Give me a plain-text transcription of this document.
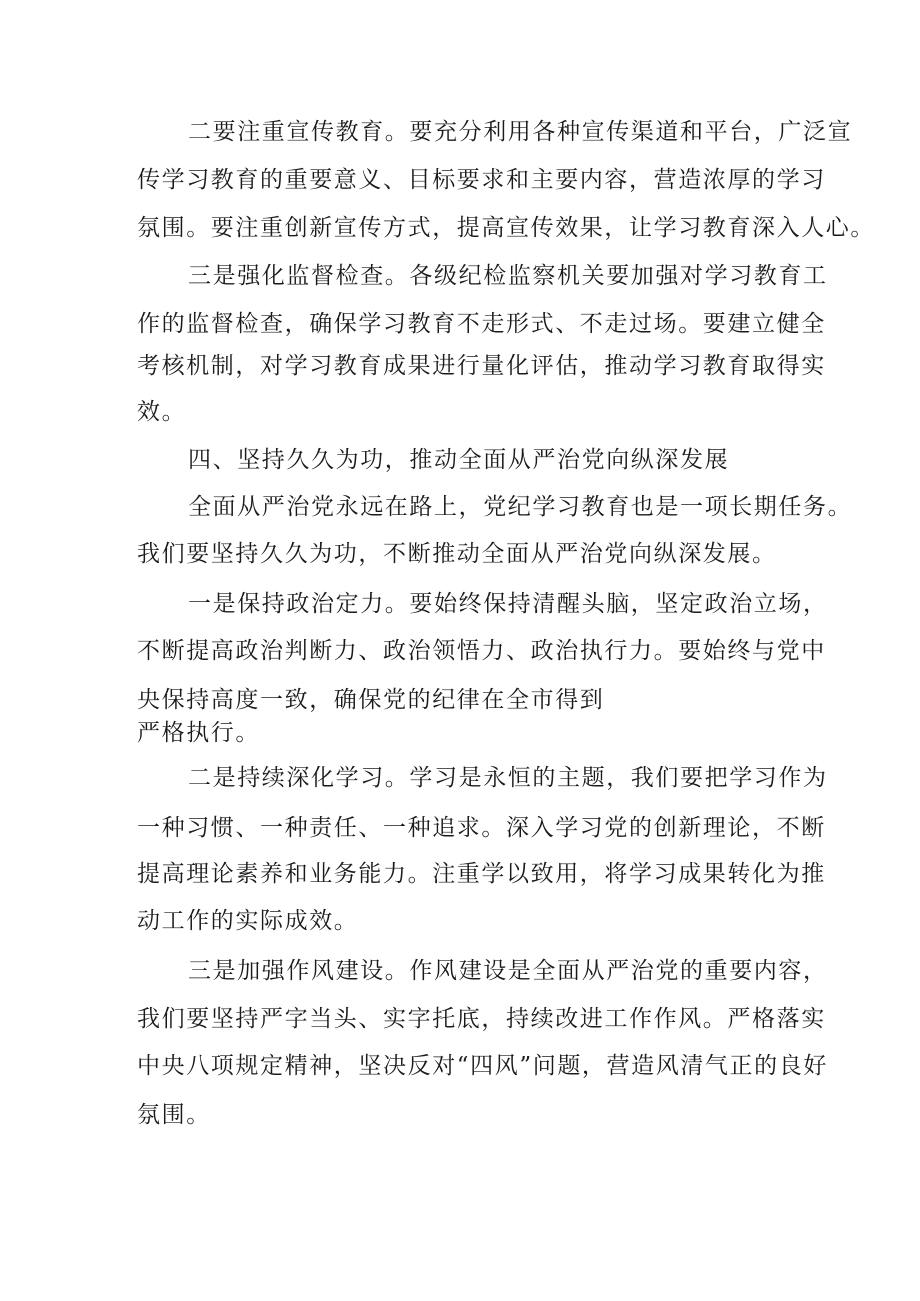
二要注重宣传教育。要充分利用各种宣传渠道和平台，广泛宣

传学习教育的重要意义、目标要求和主要内容，营造浓厚的学习

氛围。要注重创新宣传方式，提高宣传效果，让学习教育深入人心。

三是强化监督检查。各级纪检监察机关要加强对学习教育工

作的监督检查，确保学习教育不走形式、不走过场。要建立健全

考核机制，对学习教育成果进行量化评估，推动学习教育取得实

效。

四、坚持久久为功，推动全面从严治党向纵深发展

全面从严治党永远在路上，党纪学习教育也是一项长期任务。

我们要坚持久久为功，不断推动全面从严治党向纵深发展。

一是保持政治定力。要始终保持清醒头脑，坚定政治立场，

不断提高政治判断力、政治领悟力、政治执行力。要始终与党中

央保持高度一致，确保党的纪律在全市得到

严格执行。

二是持续深化学习。学习是永恒的主题，我们要把学习作为

一种习惯、一种责任、一种追求。深入学习党的创新理论，不断

提高理论素养和业务能力。注重学以致用，将学习成果转化为推

动工作的实际成效。

三是加强作风建设。作风建设是全面从严治党的重要内容，

我们要坚持严字当头、实字托底，持续改进工作作风。严格落实

中央八项规定精神，坚决反对“四风”问题，营造风清气正的良好

氛围。
